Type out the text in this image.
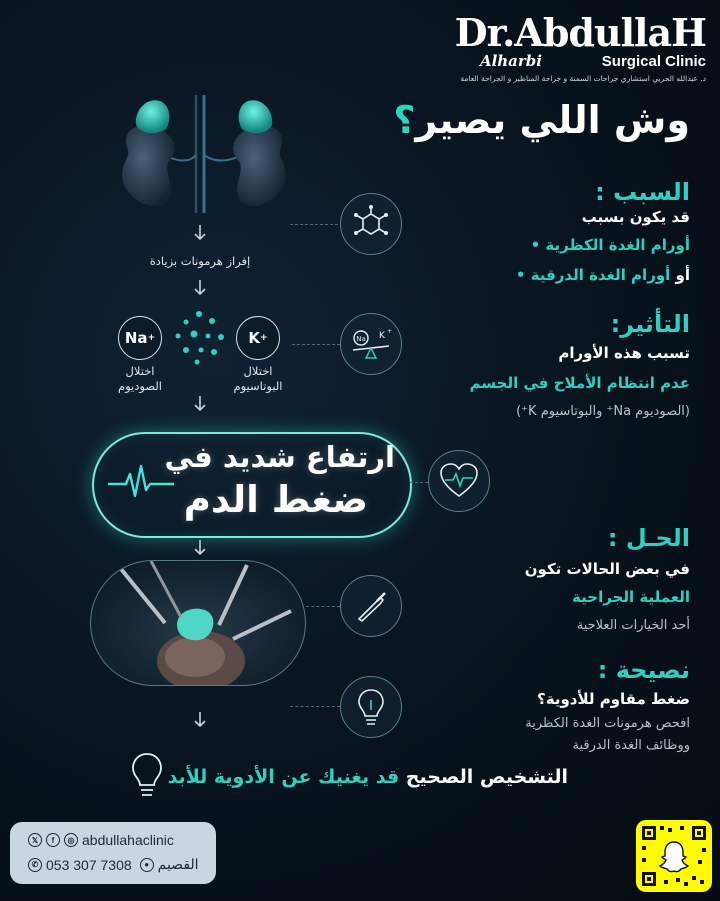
Dr.AbdullaH
Alharbi	Surgical Clinic
د. عبدالله الحربي استشاري جراحات السمنة و جراحة المناظير و الجراحة العامة
وش اللي يصير؟
إفراز هرمونات بزيادة
Na +	K +
اختلال
الصوديوم
اختلال
البوتاسيوم
ارتفاع شديد في
ضغط الدم
Na K +
السبب :
قد يكون بسبب
أورام الغدة الكظرية •
أو أورام الغدة الدرقية •
التأثير:
تسبب هذه الأورام
عدم انتظام الأملاح في الجسم
(الصوديوم Na⁺ والبوتاسيوم K⁺)
الحـل :
في بعض الحالات تكون
العملية الجراحية
أحد الخيارات العلاجية
نصيحة :
ضغط مقاوم للأدوية؟
افحص هرمونات الغدة الكظرية
ووظائف الغدة الدرقية
التشخيص الصحيح قد يغنيك عن الأدوية للأبد
𝕏	f	◎ abdullahaclinic
✆ 053 307 7308	● القصيم
